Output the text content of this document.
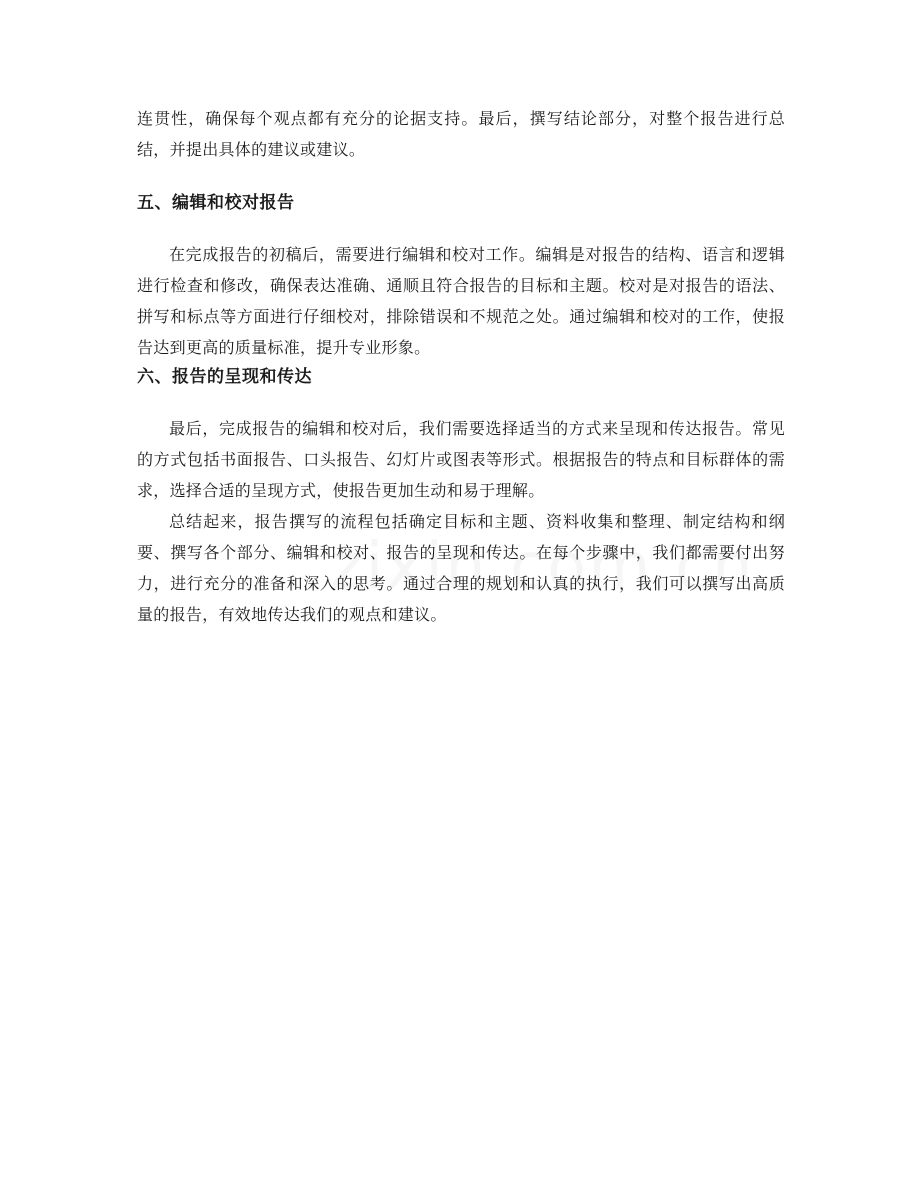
连贯性，确保每个观点都有充分的论据支持。最后，撰写结论部分，对整个报告进行总结，并提出具体的建议或建议。

五、编辑和校对报告

在完成报告的初稿后，需要进行编辑和校对工作。编辑是对报告的结构、语言和逻辑进行检查和修改，确保表达准确、通顺且符合报告的目标和主题。校对是对报告的语法、拼写和标点等方面进行仔细校对，排除错误和不规范之处。通过编辑和校对的工作，使报告达到更高的质量标准，提升专业形象。

六、报告的呈现和传达

最后，完成报告的编辑和校对后，我们需要选择适当的方式来呈现和传达报告。常见的方式包括书面报告、口头报告、幻灯片或图表等形式。根据报告的特点和目标群体的需求，选择合适的呈现方式，使报告更加生动和易于理解。

总结起来，报告撰写的流程包括确定目标和主题、资料收集和整理、制定结构和纲要、撰写各个部分、编辑和校对、报告的呈现和传达。在每个步骤中，我们都需要付出努力，进行充分的准备和深入的思考。通过合理的规划和认真的执行，我们可以撰写出高质量的报告，有效地传达我们的观点和建议。
